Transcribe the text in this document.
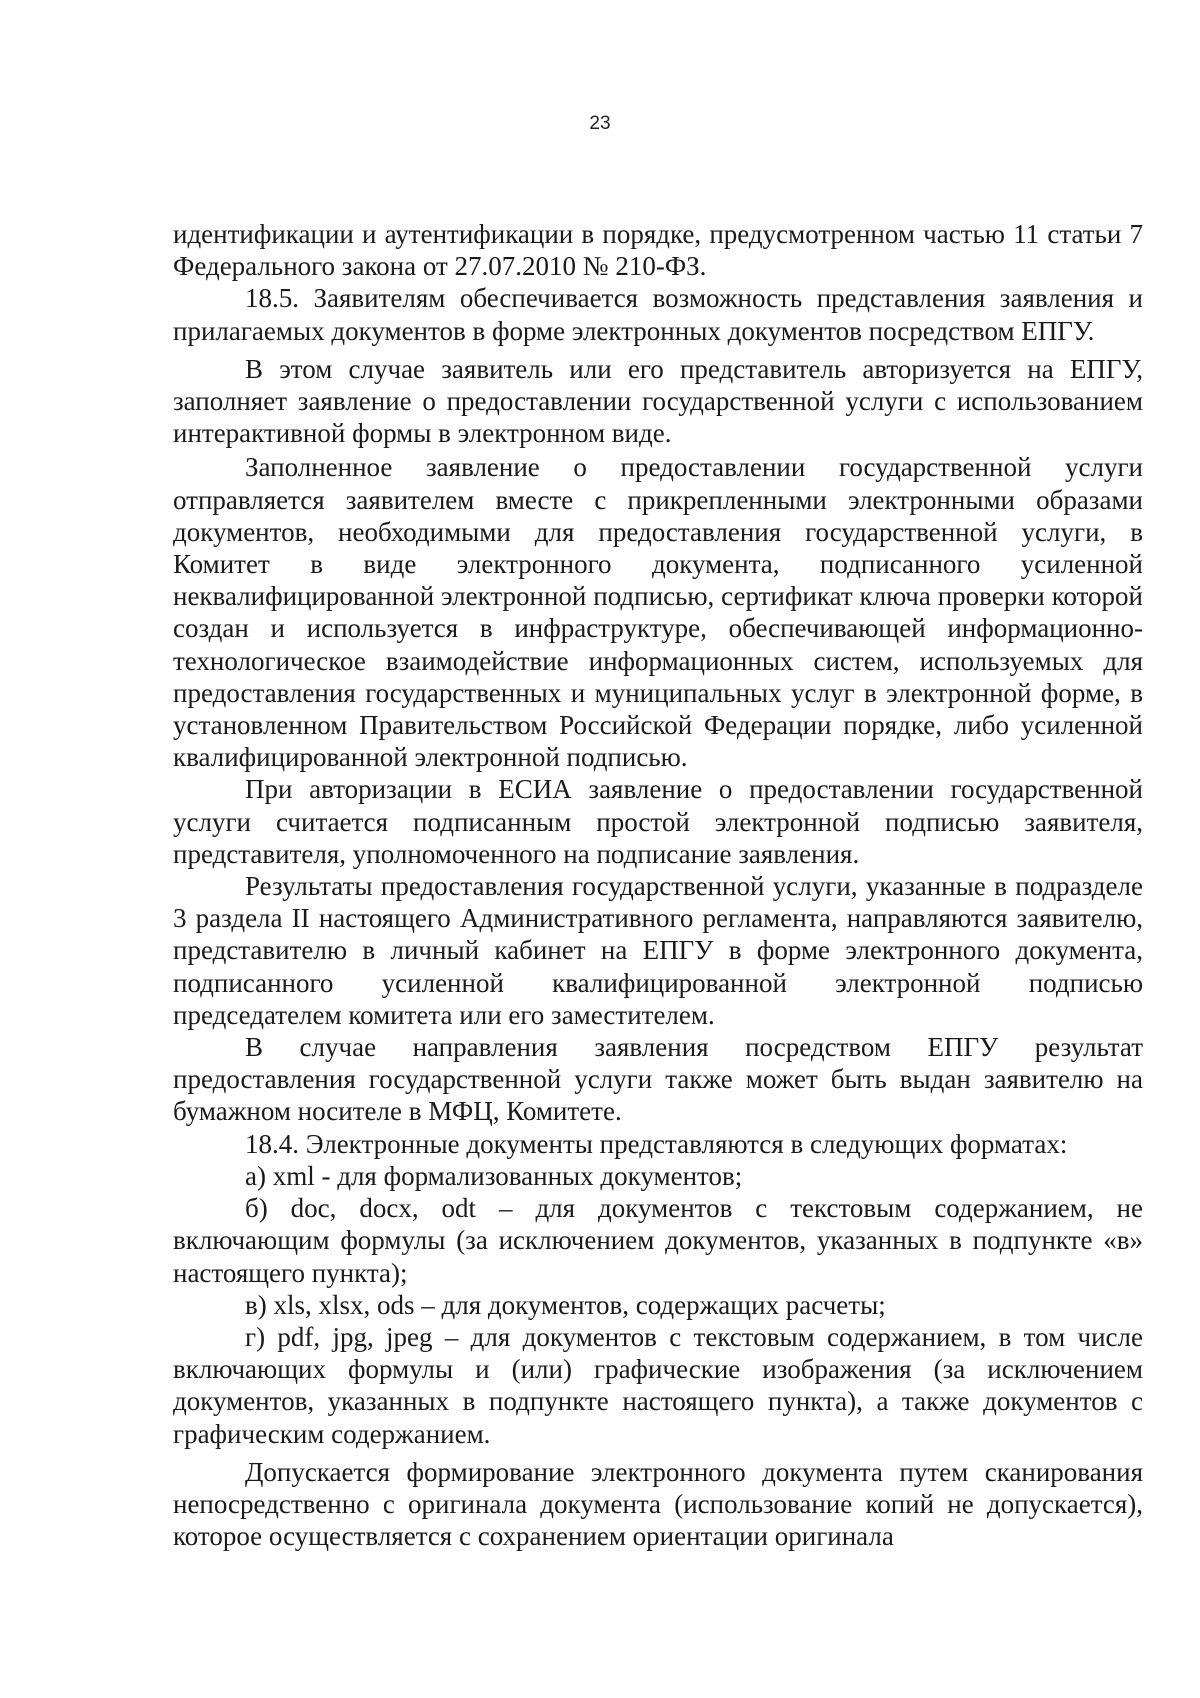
23

идентификации и аутентификации в порядке, предусмотренном частью 11 статьи 7 Федерального закона от 27.07.2010 № 210-ФЗ.

18.5. Заявителям обеспечивается возможность представления заявления и прилагаемых документов в форме электронных документов посредством ЕПГУ.

В этом случае заявитель или его представитель авторизуется на ЕПГУ, заполняет заявление о предоставлении государственной услуги с использованием интерактивной формы в электронном виде.

Заполненное заявление о предоставлении государственной услуги отправляется заявителем вместе с прикрепленными электронными образами документов, необходимыми для предоставления государственной услуги, в Комитет в виде электронного документа, подписанного усиленной неквалифицированной электронной подписью, сертификат ключа проверки которой создан и используется в инфраструктуре, обеспечивающей информационно-технологическое взаимодействие информационных систем, используемых для предоставления государственных и муниципальных услуг в электронной форме, в установленном Правительством Российской Федерации порядке, либо усиленной квалифицированной электронной подписью.

При авторизации в ЕСИА заявление о предоставлении государственной услуги считается подписанным простой электронной подписью заявителя, представителя, уполномоченного на подписание заявления.

Результаты предоставления государственной услуги, указанные в подразделе 3 раздела II настоящего Административного регламента, направляются заявителю, представителю в личный кабинет на ЕПГУ в форме электронного документа, подписанного усиленной квалифицированной электронной подписью председателем комитета или его заместителем.

В случае направления заявления посредством ЕПГУ результат предоставления государственной услуги также может быть выдан заявителю на бумажном носителе в МФЦ, Комитете.

18.4. Электронные документы представляются в следующих форматах:

а) xml - для формализованных документов;

б) doc, docx, odt – для документов с текстовым содержанием, не включающим формулы (за исключением документов, указанных в подпункте «в» настоящего пункта);

в) xls, xlsx, ods – для документов, содержащих расчеты;

г) pdf, jpg, jpeg – для документов с текстовым содержанием, в том числе включающих формулы и (или) графические изображения (за исключением документов, указанных в подпункте настоящего пункта), а также документов с графическим содержанием.

Допускается формирование электронного документа путем сканирования непосредственно с оригинала документа (использование копий не допускается), которое осуществляется с сохранением ориентации оригинала
